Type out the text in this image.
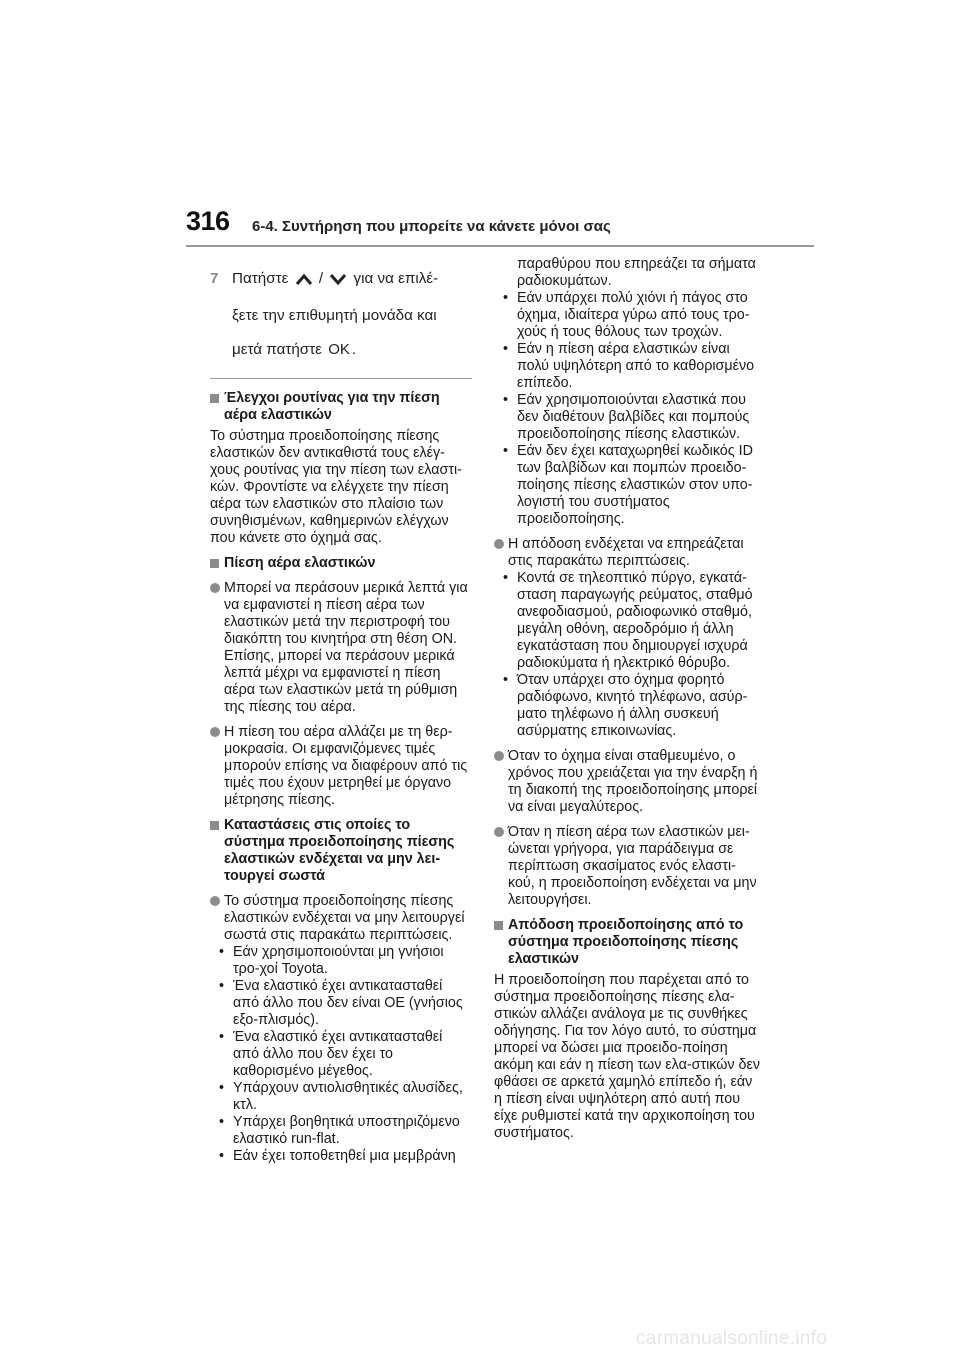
316 6-4. Συντήρηση που μπορείτε να κάνετε μόνοι σας
7 Πατήστε / για να επιλέ-
ξετε την επιθυμητή μονάδα και
μετά πατήστε OK .
Έλεγχοι ρουτίνας για την πίεση αέρα ελαστικών

Το σύστημα προειδοποίησης πίεσης ελαστικών δεν αντικαθιστά τους ελέγ-χους ρουτίνας για την πίεση των ελαστι-κών. Φροντίστε να ελέγχετε την πίεση αέρα των ελαστικών στο πλαίσιο των συνηθισμένων, καθημερινών ελέγχων που κάνετε στο όχημά σας.

Πίεση αέρα ελαστικών
Μπορεί να περάσουν μερικά λεπτά για να εμφανιστεί η πίεση αέρα των ελαστικών μετά την περιστροφή του διακόπτη του κινητήρα στη θέση ON. Επίσης, μπορεί να περάσουν μερικά λεπτά μέχρι να εμφανιστεί η πίεση αέρα των ελαστικών μετά τη ρύθμιση της πίεσης του αέρα.
Η πίεση του αέρα αλλάζει με τη θερ-μοκρασία. Οι εμφανιζόμενες τιμές μπορούν επίσης να διαφέρουν από τις τιμές που έχουν μετρηθεί με όργανο μέτρησης πίεσης.
Καταστάσεις στις οποίες το σύστημα προειδοποίησης πίεσης ελαστικών ενδέχεται να μην λει-τουργεί σωστά
Το σύστημα προειδοποίησης πίεσης ελαστικών ενδέχεται να μην λειτουργεί σωστά στις παρακάτω περιπτώσεις.
• Εάν χρησιμοποιούνται μη γνήσιοι τρο-χοί Toyota.
• Ένα ελαστικό έχει αντικατασταθεί από άλλο που δεν είναι ΟΕ (γνήσιος εξο-πλισμός).
• Ένα ελαστικό έχει αντικατασταθεί από άλλο που δεν έχει το καθορισμένο μέγεθος.
• Υπάρχουν αντιολισθητικές αλυσίδες, κτλ.
• Υπάρχει βοηθητικά υποστηριζόμενο ελαστικό run-flat.
• Εάν έχει τοποθετηθεί μια μεμβράνη
παραθύρου που επηρεάζει τα σήματα ραδιοκυμάτων.
• Εάν υπάρχει πολύ χιόνι ή πάγος στο όχημα, ιδιαίτερα γύρω από τους τρο-χούς ή τους θόλους των τροχών.
• Εάν η πίεση αέρα ελαστικών είναι πολύ υψηλότερη από το καθορισμένο επίπεδο.
• Εάν χρησιμοποιούνται ελαστικά που δεν διαθέτουν βαλβίδες και πομπούς προειδοποίησης πίεσης ελαστικών.
• Εάν δεν έχει καταχωρηθεί κωδικός ID των βαλβίδων και πομπών προειδο-ποίησης πίεσης ελαστικών στον υπο-λογιστή του συστήματος προειδοποίησης.
Η απόδοση ενδέχεται να επηρεάζεται στις παρακάτω περιπτώσεις.
• Κοντά σε τηλεοπτικό πύργο, εγκατά-σταση παραγωγής ρεύματος, σταθμό ανεφοδιασμού, ραδιοφωνικό σταθμό, μεγάλη οθόνη, αεροδρόμιο ή άλλη εγκατάσταση που δημιουργεί ισχυρά ραδιοκύματα ή ηλεκτρικό θόρυβο.
• Όταν υπάρχει στο όχημα φορητό ραδιόφωνο, κινητό τηλέφωνο, ασύρ-ματο τηλέφωνο ή άλλη συσκευή ασύρματης επικοινωνίας.
Όταν το όχημα είναι σταθμευμένο, ο χρόνος που χρειάζεται για την έναρξη ή τη διακοπή της προειδοποίησης μπορεί να είναι μεγαλύτερος.
Όταν η πίεση αέρα των ελαστικών μει-ώνεται γρήγορα, για παράδειγμα σε περίπτωση σκασίματος ενός ελαστι-κού, η προειδοποίηση ενδέχεται να μην λειτουργήσει.
Απόδοση προειδοποίησης από το σύστημα προειδοποίησης πίεσης ελαστικών

Η προειδοποίηση που παρέχεται από το σύστημα προειδοποίησης πίεσης ελα-στικών αλλάζει ανάλογα με τις συνθήκες οδήγησης. Για τον λόγο αυτό, το σύστημα μπορεί να δώσει μια προειδο-ποίηση ακόμη και εάν η πίεση των ελα-στικών δεν φθάσει σε αρκετά χαμηλό επίπεδο ή, εάν η πίεση είναι υψηλότερη από αυτή που είχε ρυθμιστεί κατά την αρχικοποίηση του συστήματος.

carmanualsonline.info
